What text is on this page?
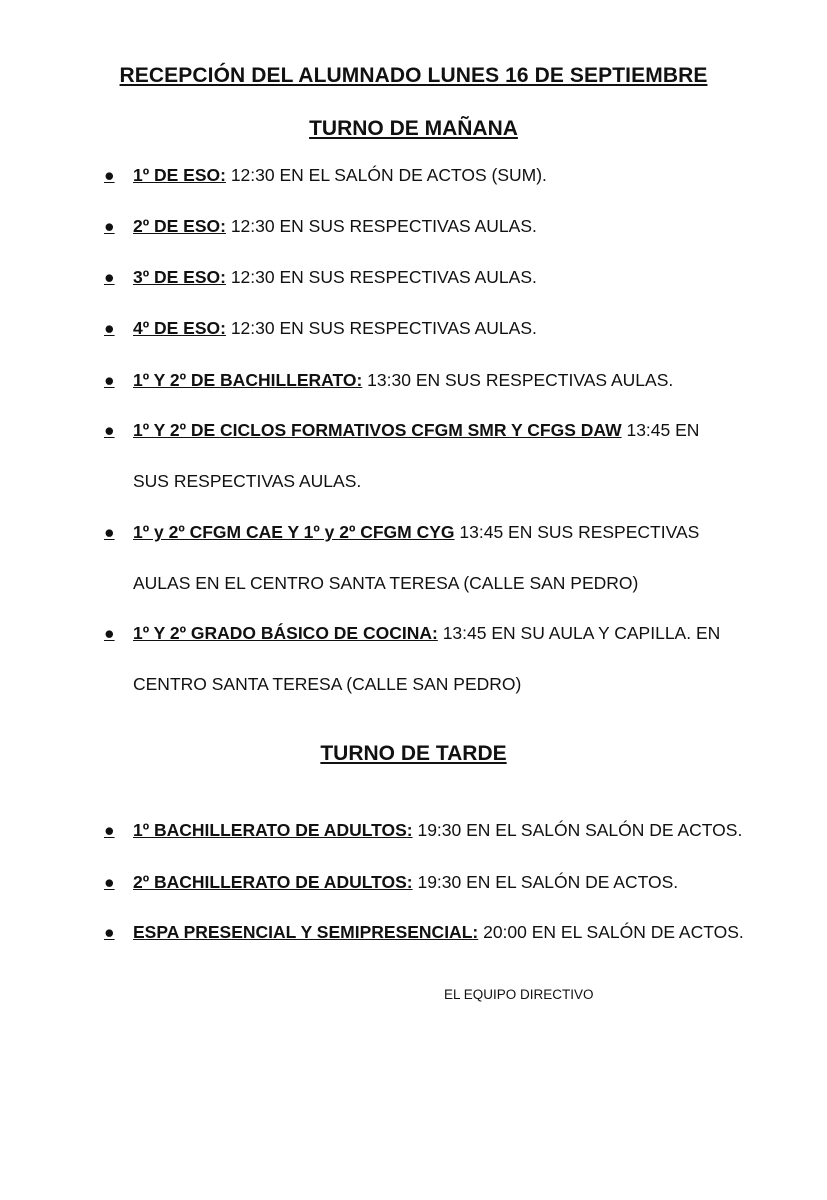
RECEPCIÓN DEL ALUMNADO LUNES 16 DE SEPTIEMBRE
TURNO DE MAÑANA
●	1º DE ESO: 12:30 EN EL SALÓN DE ACTOS (SUM).
●	2º DE ESO: 12:30 EN SUS RESPECTIVAS AULAS.
●	3º DE ESO: 12:30 EN SUS RESPECTIVAS AULAS.
●	4º DE ESO: 12:30 EN SUS RESPECTIVAS AULAS.
●	1º Y 2º DE BACHILLERATO: 13:30 EN SUS RESPECTIVAS AULAS.
●	1º Y 2º DE CICLOS FORMATIVOS CFGM SMR Y CFGS DAW 13:45 EN
SUS RESPECTIVAS AULAS.
●	1º y 2º CFGM CAE Y 1º y 2º CFGM CYG 13:45 EN SUS RESPECTIVAS
AULAS EN EL CENTRO SANTA TERESA (CALLE SAN PEDRO)
●	1º Y 2º GRADO BÁSICO DE COCINA: 13:45 EN SU AULA Y CAPILLA. EN
CENTRO SANTA TERESA (CALLE SAN PEDRO)
TURNO DE TARDE
●	1º BACHILLERATO DE ADULTOS: 19:30 EN EL SALÓN SALÓN DE ACTOS.
●	2º BACHILLERATO DE ADULTOS: 19:30 EN EL SALÓN DE ACTOS.
●	ESPA PRESENCIAL Y SEMIPRESENCIAL: 20:00 EN EL SALÓN DE ACTOS.
EL EQUIPO DIRECTIVO
